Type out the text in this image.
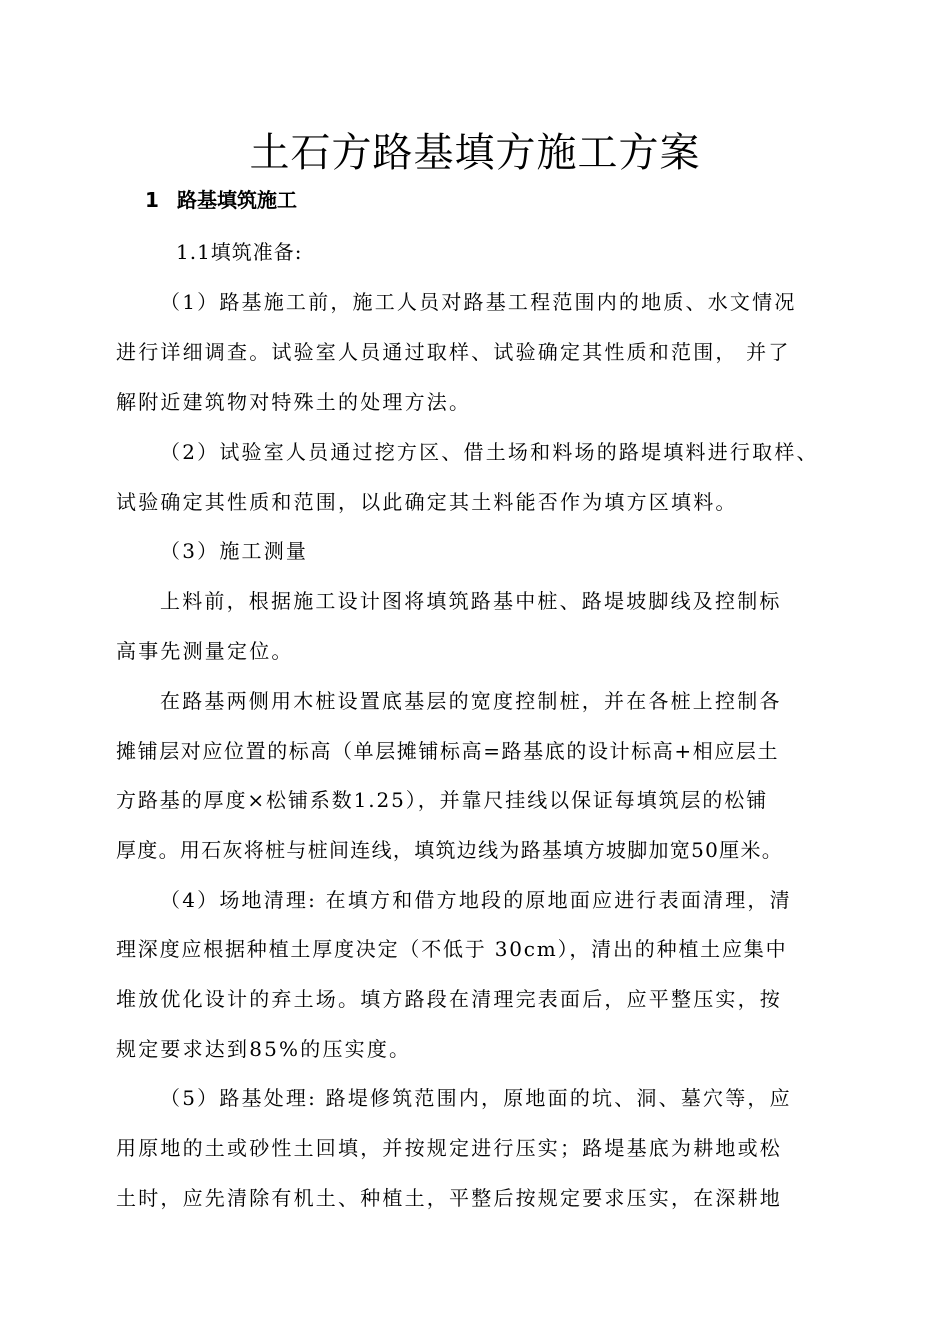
土石方路基填方施工方案
1 路基填筑施工
1.1填筑准备:
（1）路基施工前，施工人员对路基工程范围内的地质、水文情况
进行详细调查。试验室人员通过取样、试验确定其性质和范围， 并了
解附近建筑物对特殊土的处理方法。
（2）试验室人员通过挖方区、借土场和料场的路堤填料进行取样、
试验确定其性质和范围，以此确定其土料能否作为填方区填料。
（3）施工测量
上料前，根据施工设计图将填筑路基中桩、路堤坡脚线及控制标
高事先测量定位。
在路基两侧用木桩设置底基层的宽度控制桩，并在各桩上控制各
摊铺层对应位置的标高（单层摊铺标高=路基底的设计标高+相应层土
方路基的厚度×松铺系数1.25），并靠尺挂线以保证每填筑层的松铺
厚度。用石灰将桩与桩间连线，填筑边线为路基填方坡脚加宽50厘米。
（4）场地清理: 在填方和借方地段的原地面应进行表面清理，清
理深度应根据种植土厚度决定（不低于 30cm），清出的种植土应集中
堆放优化设计的弃土场。填方路段在清理完表面后，应平整压实，按
规定要求达到85%的压实度。
（5）路基处理: 路堤修筑范围内，原地面的坑、洞、墓穴等，应
用原地的土或砂性土回填，并按规定进行压实；路堤基底为耕地或松
土时，应先清除有机土、种植土，平整后按规定要求压实，在深耕地
